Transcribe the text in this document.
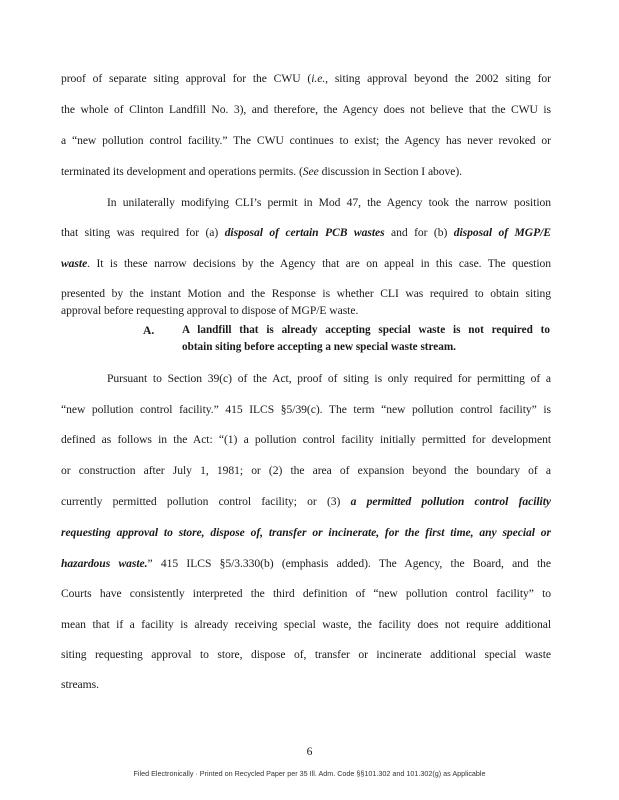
proof of separate siting approval for the CWU (i.e., siting approval beyond the 2002 siting for
the whole of Clinton Landfill No. 3), and therefore, the Agency does not believe that the CWU is
a “new pollution control facility.” The CWU continues to exist; the Agency has never revoked or
terminated its development and operations permits. (See discussion in Section I above).
In unilaterally modifying CLI’s permit in Mod 47, the Agency took the narrow position
that siting was required for (a) disposal of certain PCB wastes and for (b) disposal of MGP/E
waste. It is these narrow decisions by the Agency that are on appeal in this case. The question
presented by the instant Motion and the Response is whether CLI was required to obtain siting
approval before requesting approval to dispose of MGP/E waste.
A. A landfill that is already accepting special waste is not required to
obtain siting before accepting a new special waste stream.
Pursuant to Section 39(c) of the Act, proof of siting is only required for permitting of a
“new pollution control facility.” 415 ILCS §5/39(c). The term “new pollution control facility” is
defined as follows in the Act: “(1) a pollution control facility initially permitted for development
or construction after July 1, 1981; or (2) the area of expansion beyond the boundary of a
currently permitted pollution control facility; or (3) a permitted pollution control facility
requesting approval to store, dispose of, transfer or incinerate, for the first time, any special or
hazardous waste.” 415 ILCS §5/3.330(b) (emphasis added). The Agency, the Board, and the
Courts have consistently interpreted the third definition of “new pollution control facility” to
mean that if a facility is already receiving special waste, the facility does not require additional
siting requesting approval to store, dispose of, transfer or incinerate additional special waste
streams.
6
Filed Electronically · Printed on Recycled Paper per 35 Ill. Adm. Code §§101.302 and 101.302(g) as Applicable
